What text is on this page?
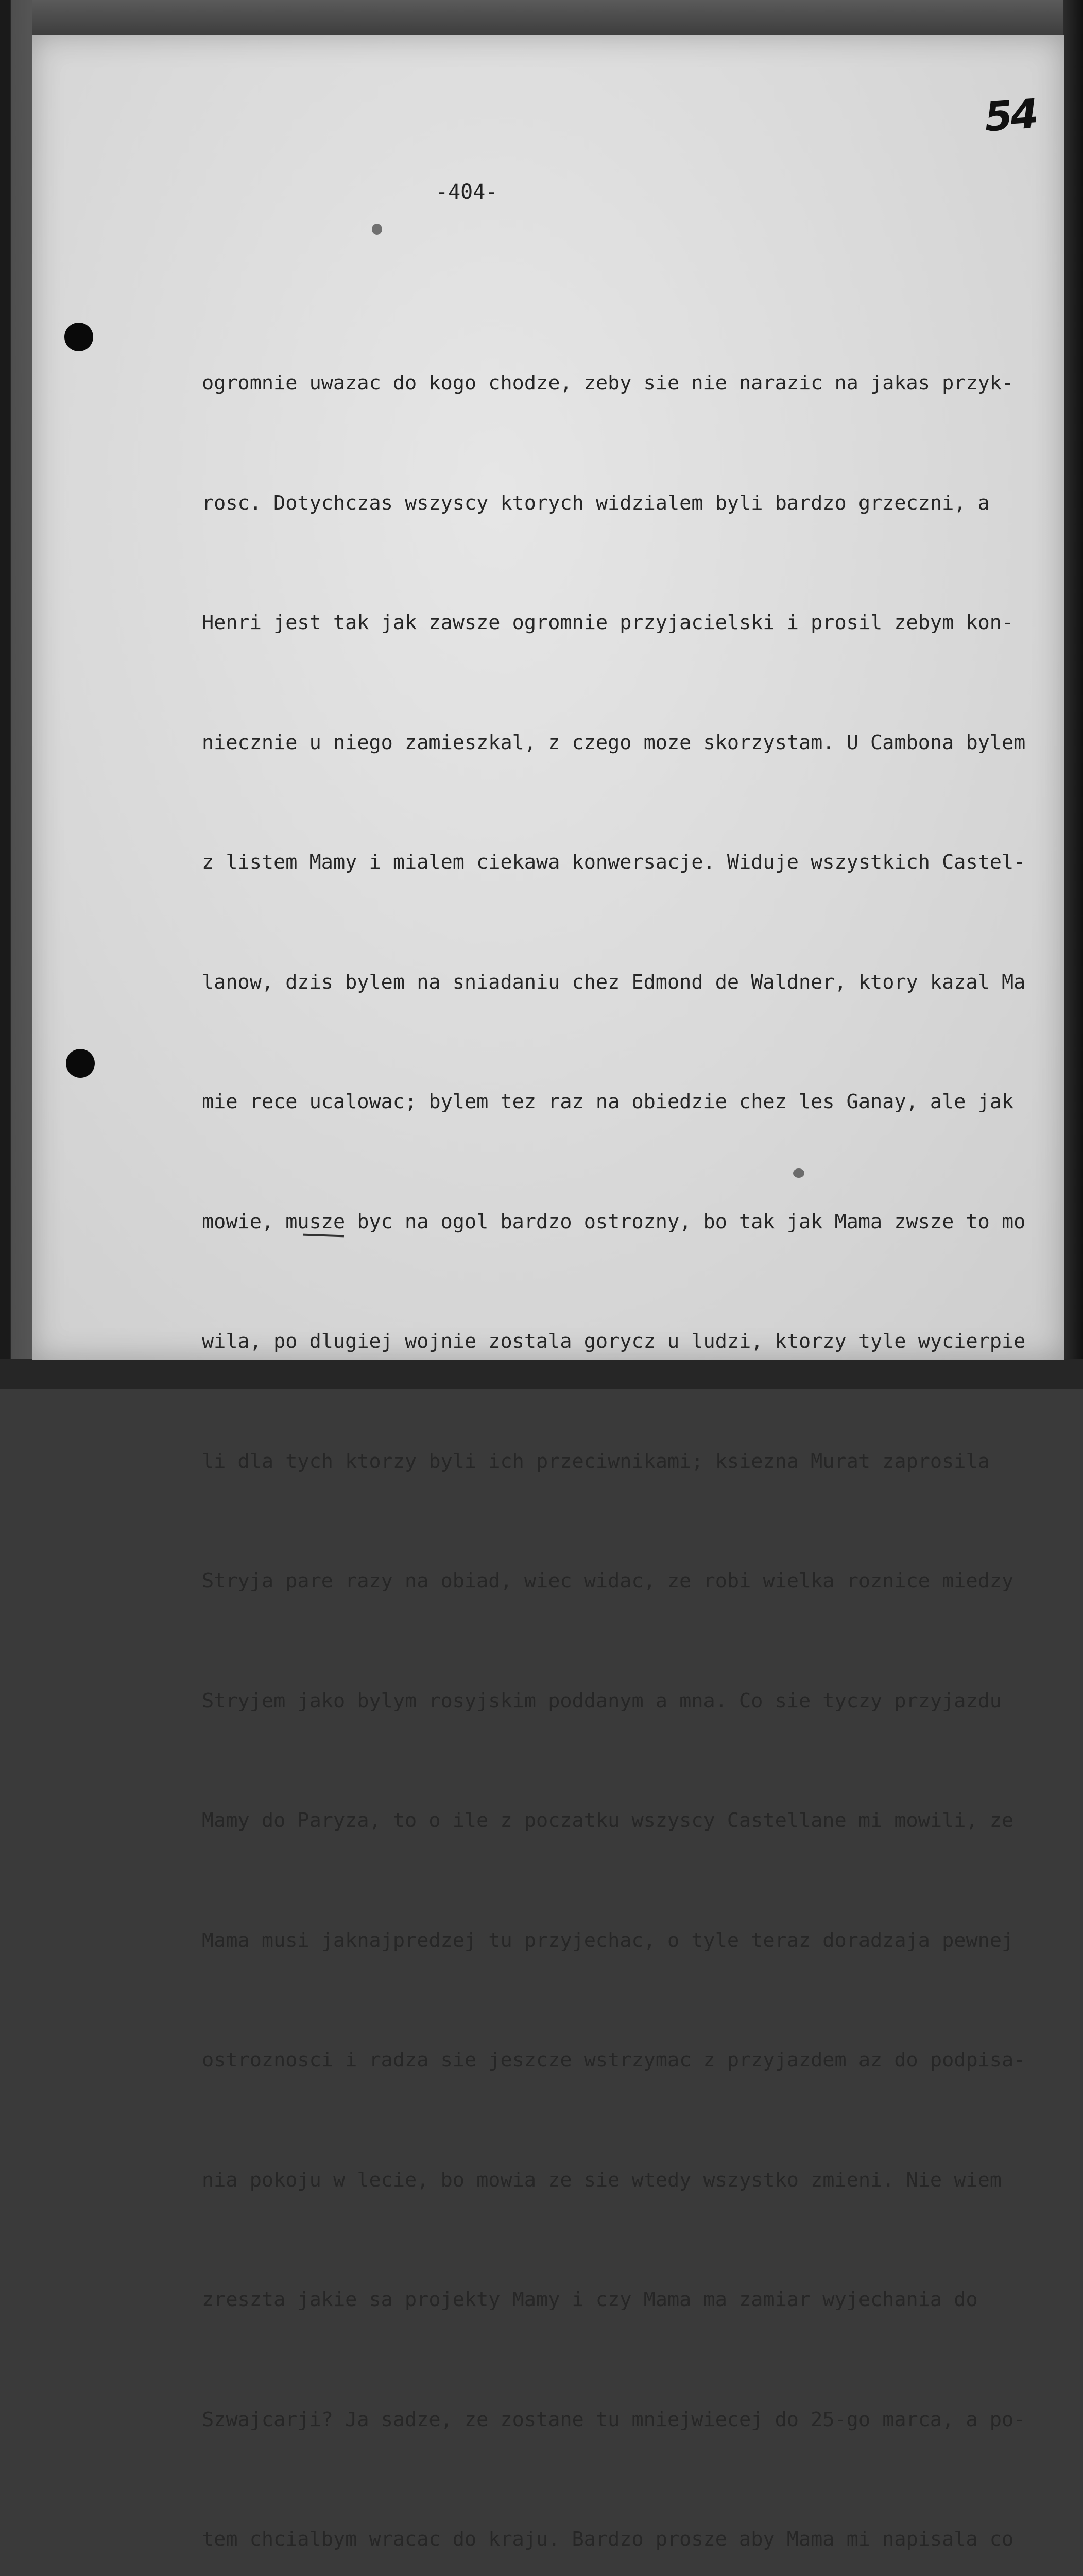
54
-404-

ogromnie uwazac do kogo chodze, zeby sie nie narazic na jakas przyk-

rosc. Dotychczas wszyscy ktorych widzialem byli bardzo grzeczni, a

Henri jest tak jak zawsze ogromnie przyjacielski i prosil zebym kon-

niecznie u niego zamieszkal, z czego moze skorzystam. U Cambona bylem

z listem Mamy i mialem ciekawa konwersacje. Widuje wszystkich Castel-

lanow, dzis bylem na sniadaniu chez Edmond de Waldner, ktory kazal Ma

mie rece ucalowac; bylem tez raz na obiedzie chez les Ganay, ale jak

mowie, musze byc na ogol bardzo ostrozny, bo tak jak Mama zwsze to mo

wila, po dlugiej wojnie zostala gorycz u ludzi, ktorzy tyle wycierpie

li dla tych ktorzy byli ich przeciwnikami; ksiezna Murat zaprosila

Stryja pare razy na obiad, wiec widac, ze robi wielka roznice miedzy

Stryjem jako bylym rosyjskim poddanym a mna. Co sie tyczy przyjazdu

Mamy do Paryza, to o ile z poczatku wszyscy Castellane mi mowili, ze

Mama musi jaknajpredzej tu przyjechac, o tyle teraz doradzaja pewnej

ostroznosci i radza sie jeszcze wstrzymac z przyjazdem az do podpisa-

nia pokoju w lecie, bo mowia ze sie wtedy wszystko zmieni. Nie wiem

zreszta jakie sa projekty Mamy i czy Mama ma zamiar wyjechania do

Szwajcarji? Ja sadze, ze zostane tu mniejwiecej do 25-go marca, a po-

tem chcialbym wracac do kraju. Bardzo prosze aby Mama mi napisala co
